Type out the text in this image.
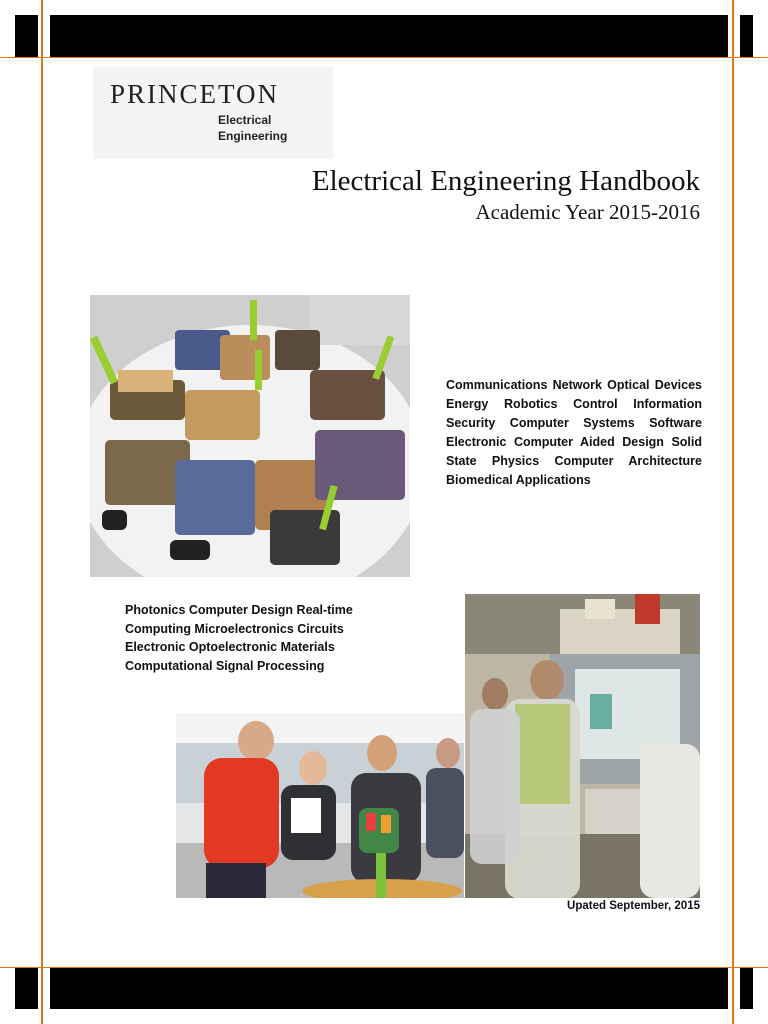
PRINCETON
Electrical
Engineering
Electrical Engineering Handbook
Academic Year 2015-2016
Communications Network Optical Devices Energy Robotics Control Information Security Computer Systems Software Electronic Computer Aided Design Solid State Physics Computer Architecture Biomedical Applications
Photonics Computer Design Real-time
Computing Microelectronics Circuits
Electronic Optoelectronic Materials
Computational Signal Processing
Upated September, 2015
